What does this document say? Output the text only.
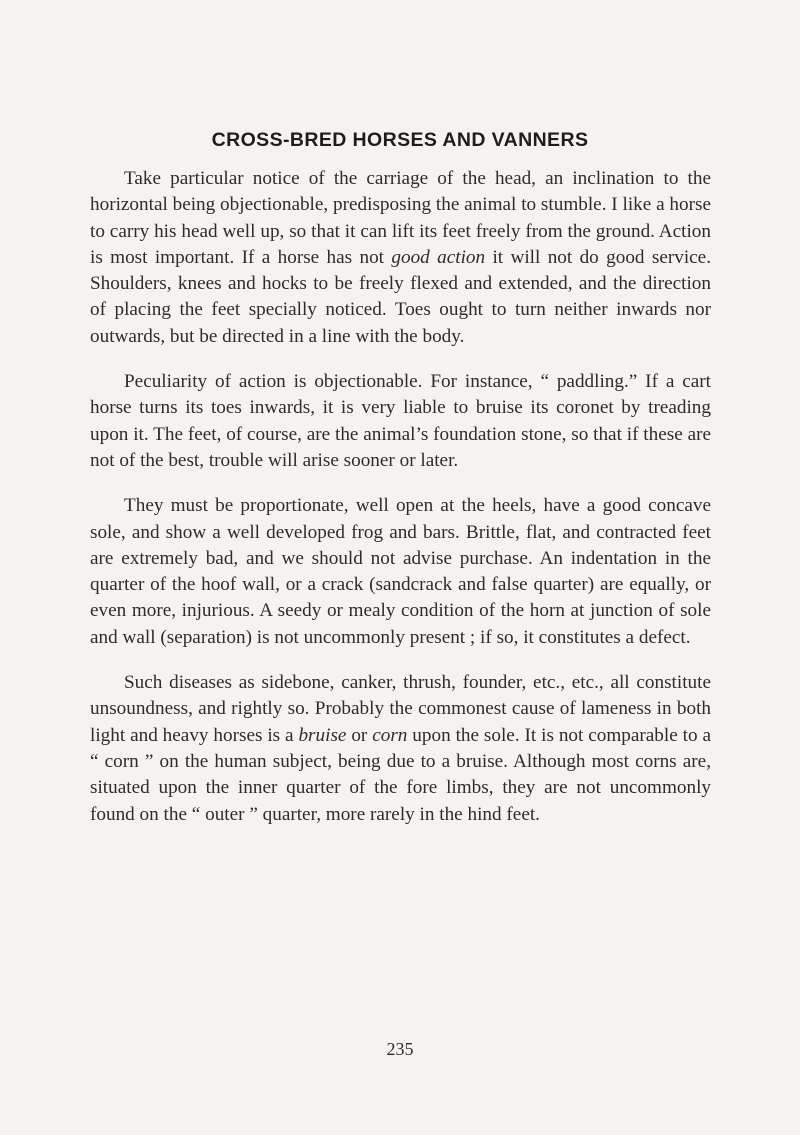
CROSS-BRED HORSES AND VANNERS

Take particular notice of the carriage of the head, an inclination to the horizontal being objectionable, predisposing the animal to stumble. I like a horse to carry his head well up, so that it can lift its feet freely from the ground. Action is most important. If a horse has not good action it will not do good service. Shoulders, knees and hocks to be freely flexed and extended, and the direction of placing the feet specially noticed. Toes ought to turn neither inwards nor outwards, but be directed in a line with the body.

Peculiarity of action is objectionable. For instance, “ paddling.” If a cart horse turns its toes inwards, it is very liable to bruise its coronet by treading upon it. The feet, of course, are the animal’s foundation stone, so that if these are not of the best, trouble will arise sooner or later.

They must be proportionate, well open at the heels, have a good concave sole, and show a well developed frog and bars. Brittle, flat, and contracted feet are extremely bad, and we should not advise purchase. An indentation in the quarter of the hoof wall, or a crack (sandcrack and false quarter) are equally, or even more, injurious. A seedy or mealy condition of the horn at junction of sole and wall (separation) is not uncommonly present ; if so, it constitutes a defect.

Such diseases as sidebone, canker, thrush, founder, etc., etc., all constitute unsoundness, and rightly so. Probably the commonest cause of lameness in both light and heavy horses is a bruise or corn upon the sole. It is not comparable to a “ corn ” on the human subject, being due to a bruise. Although most corns are, situated upon the inner quarter of the fore limbs, they are not uncommonly found on the “ outer ” quarter, more rarely in the hind feet.

235
